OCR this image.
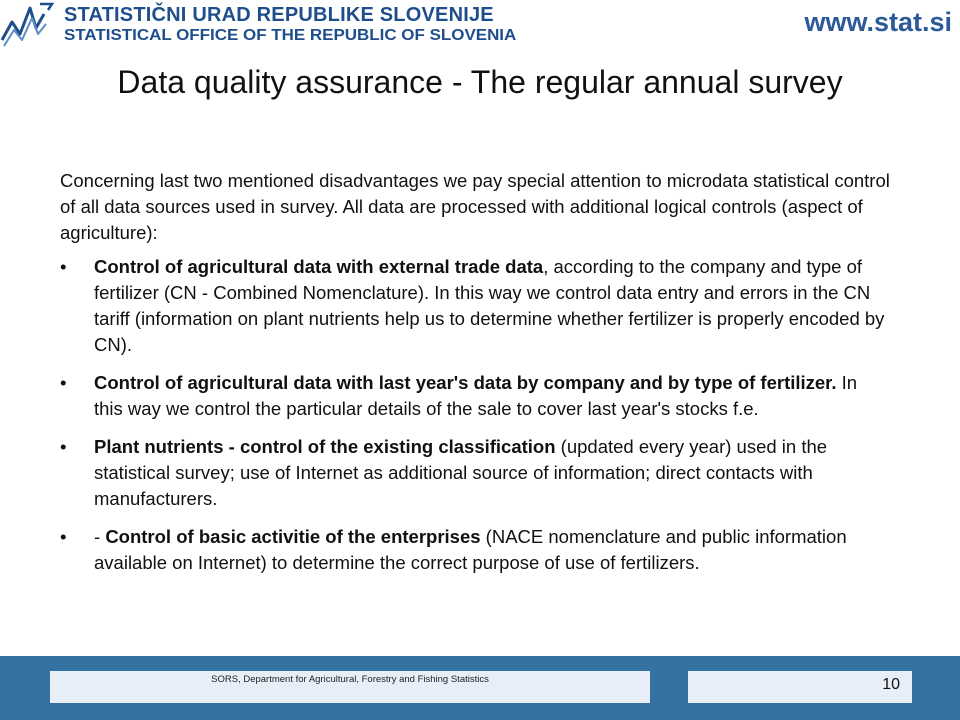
STATISTIČNI URAD REPUBLIKE SLOVENIJE
STATISTICAL OFFICE OF THE REPUBLIC OF SLOVENIA	www.stat.si
Data quality assurance - The regular annual survey

Concerning last two mentioned disadvantages we pay special attention to microdata statistical control of all data sources used in survey. All data are processed with additional logical controls (aspect of agriculture):

• Control of agricultural data with external trade data, according to the company and type of fertilizer (CN - Combined Nomenclature). In this way we control data entry and errors in the CN tariff (information on plant nutrients help us to determine whether fertilizer is properly encoded by CN).
• Control of agricultural data with last year's data by company and by type of fertilizer. In this way we control the particular details of the sale to cover last year's stocks f.e.
• Plant nutrients - control of the existing classification (updated every year) used in the statistical survey; use of Internet as additional source of information; direct contacts with manufacturers.
• - Control of basic activitie of the enterprises (NACE nomenclature and public information available on Internet) to determine the correct purpose of use of fertilizers.
SORS, Department for Agricultural, Forestry and Fishing Statistics	10
